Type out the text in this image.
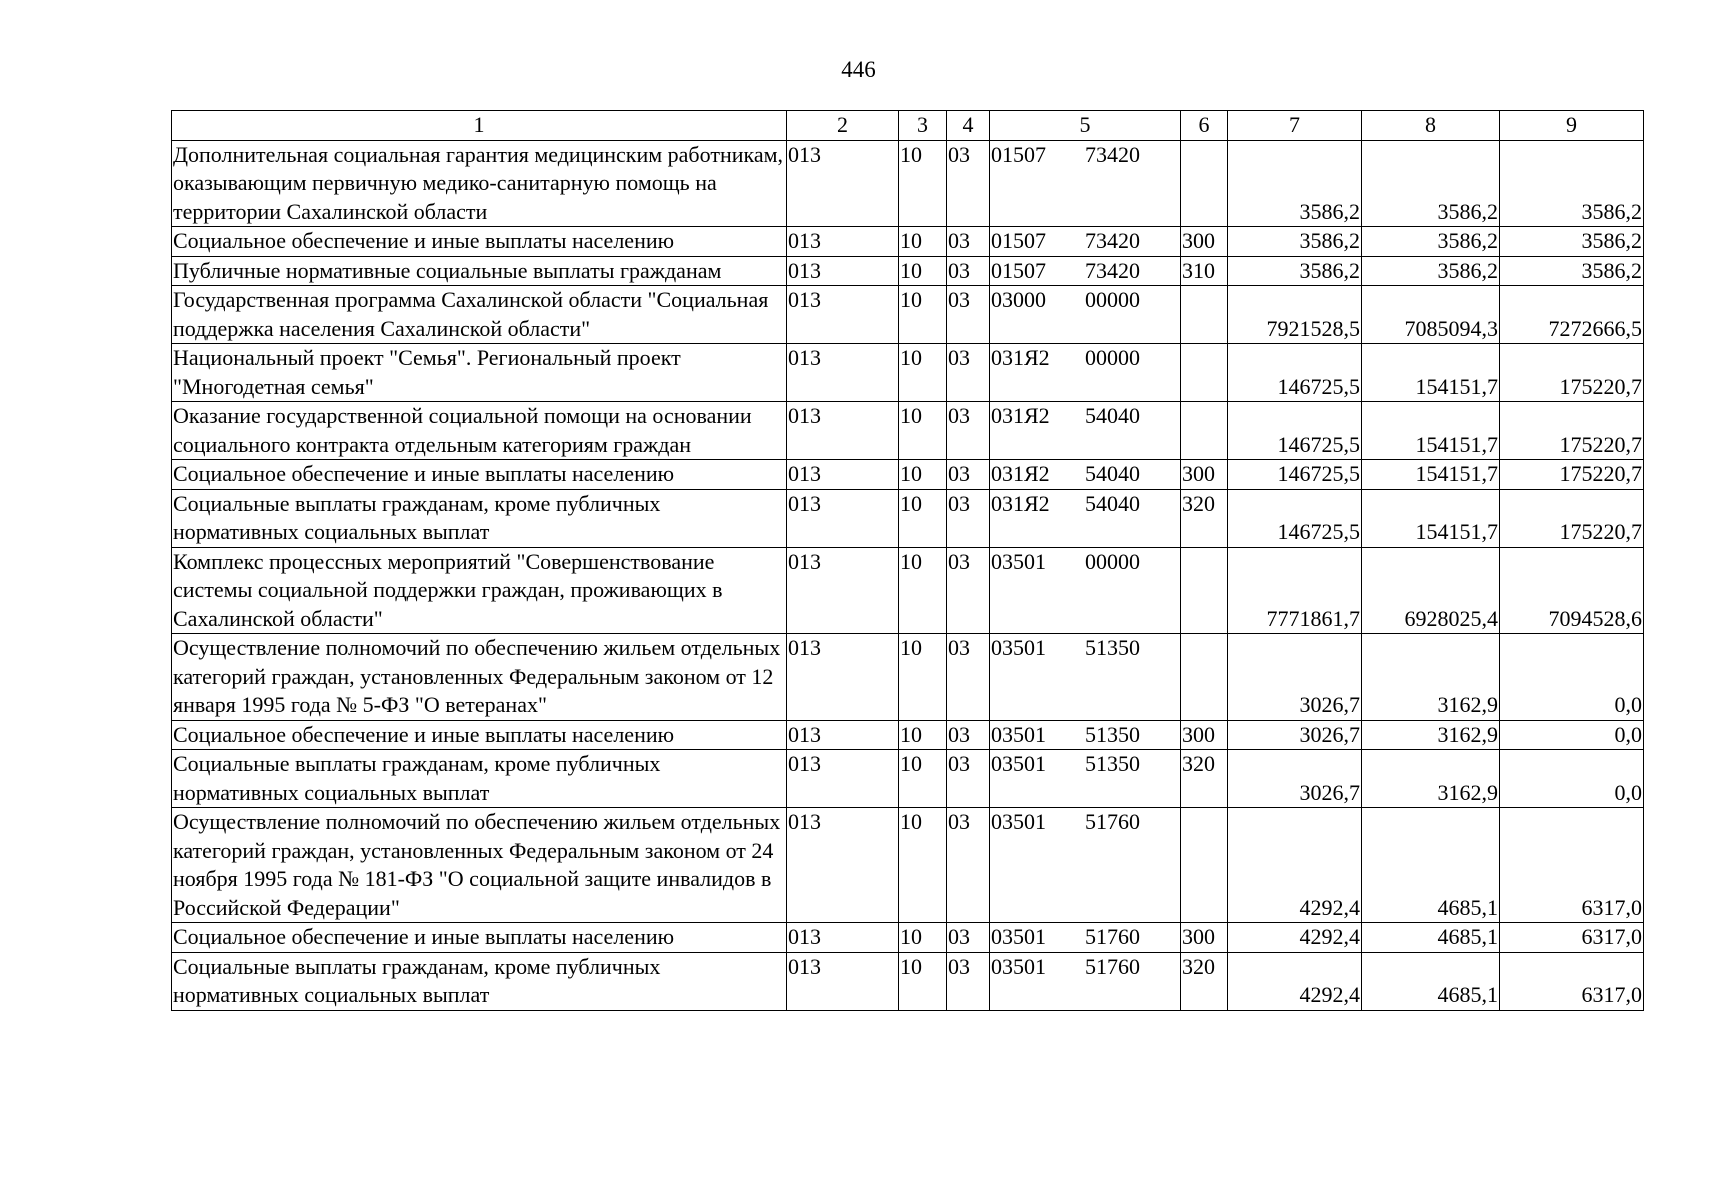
446
1	2	3	4	5	6	7	8	9
Дополнительная социальная гарантия медицинским работникам, оказывающим первичную медико-санитарную помощь на территории Сахалинской области	013	10	03	01507 73420		3586,2	3586,2	3586,2
Социальное обеспечение и иные выплаты населению	013	10	03	01507 73420	300	3586,2	3586,2	3586,2
Публичные нормативные социальные выплаты гражданам	013	10	03	01507 73420	310	3586,2	3586,2	3586,2
Государственная программа Сахалинской области "Социальная поддержка населения Сахалинской области"	013	10	03	03000 00000		7921528,5	7085094,3	7272666,5
Национальный проект "Семья". Региональный проект "Многодетная семья"	013	10	03	031Я2 00000		146725,5	154151,7	175220,7
Оказание государственной социальной помощи на основании социального контракта отдельным категориям граждан	013	10	03	031Я2 54040		146725,5	154151,7	175220,7
Социальное обеспечение и иные выплаты населению	013	10	03	031Я2 54040	300	146725,5	154151,7	175220,7
Социальные выплаты гражданам, кроме публичных нормативных социальных выплат	013	10	03	031Я2 54040	320	146725,5	154151,7	175220,7
Комплекс процессных мероприятий "Совершенствование системы социальной поддержки граждан, проживающих в Сахалинской области"	013	10	03	03501 00000		7771861,7	6928025,4	7094528,6
Осуществление полномочий по обеспечению жильем отдельных категорий граждан, установленных Федеральным законом от 12 января 1995 года № 5-ФЗ "О ветеранах"	013	10	03	03501 51350		3026,7	3162,9	0,0
Социальное обеспечение и иные выплаты населению	013	10	03	03501 51350	300	3026,7	3162,9	0,0
Социальные выплаты гражданам, кроме публичных нормативных социальных выплат	013	10	03	03501 51350	320	3026,7	3162,9	0,0
Осуществление полномочий по обеспечению жильем отдельных категорий граждан, установленных Федеральным законом от 24 ноября 1995 года № 181-ФЗ "О социальной защите инвалидов в Российской Федерации"	013	10	03	03501 51760		4292,4	4685,1	6317,0
Социальное обеспечение и иные выплаты населению	013	10	03	03501 51760	300	4292,4	4685,1	6317,0
Социальные выплаты гражданам, кроме публичных нормативных социальных выплат	013	10	03	03501 51760	320	4292,4	4685,1	6317,0
